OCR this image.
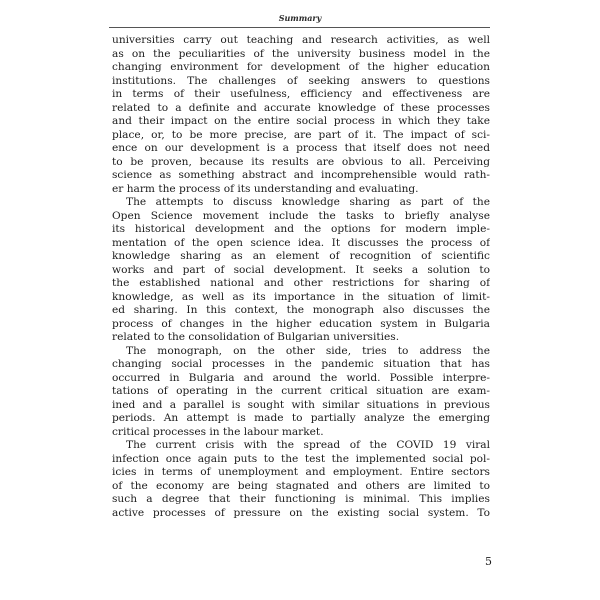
Summary
universities carry out teaching and research activities, as well
as on the peculiarities of the university business model in the
changing environment for development of the higher education
institutions. The challenges of seeking answers to questions
in terms of their usefulness, efficiency and effectiveness are
related to a definite and accurate knowledge of these processes
and their impact on the entire social process in which they take
place, or, to be more precise, are part of it. The impact of sci-
ence on our development is a process that itself does not need
to be proven, because its results are obvious to all. Perceiving
science as something abstract and incomprehensible would rath-
er harm the process of its understanding and evaluating.
The attempts to discuss knowledge sharing as part of the
Open Science movement include the tasks to briefly analyse
its historical development and the options for modern imple-
mentation of the open science idea. It discusses the process of
knowledge sharing as an element of recognition of scientific
works and part of social development. It seeks a solution to
the established national and other restrictions for sharing of
knowledge, as well as its importance in the situation of limit-
ed sharing. In this context, the monograph also discusses the
process of changes in the higher education system in Bulgaria
related to the consolidation of Bulgarian universities.
The monograph, on the other side, tries to address the
changing social processes in the pandemic situation that has
occurred in Bulgaria and around the world. Possible interpre-
tations of operating in the current critical situation are exam-
ined and a parallel is sought with similar situations in previous
periods. An attempt is made to partially analyze the emerging
critical processes in the labour market.
The current crisis with the spread of the COVID 19 viral
infection once again puts to the test the implemented social pol-
icies in terms of unemployment and employment. Entire sectors
of the economy are being stagnated and others are limited to
such a degree that their functioning is minimal. This implies
active processes of pressure on the existing social system. To
5
